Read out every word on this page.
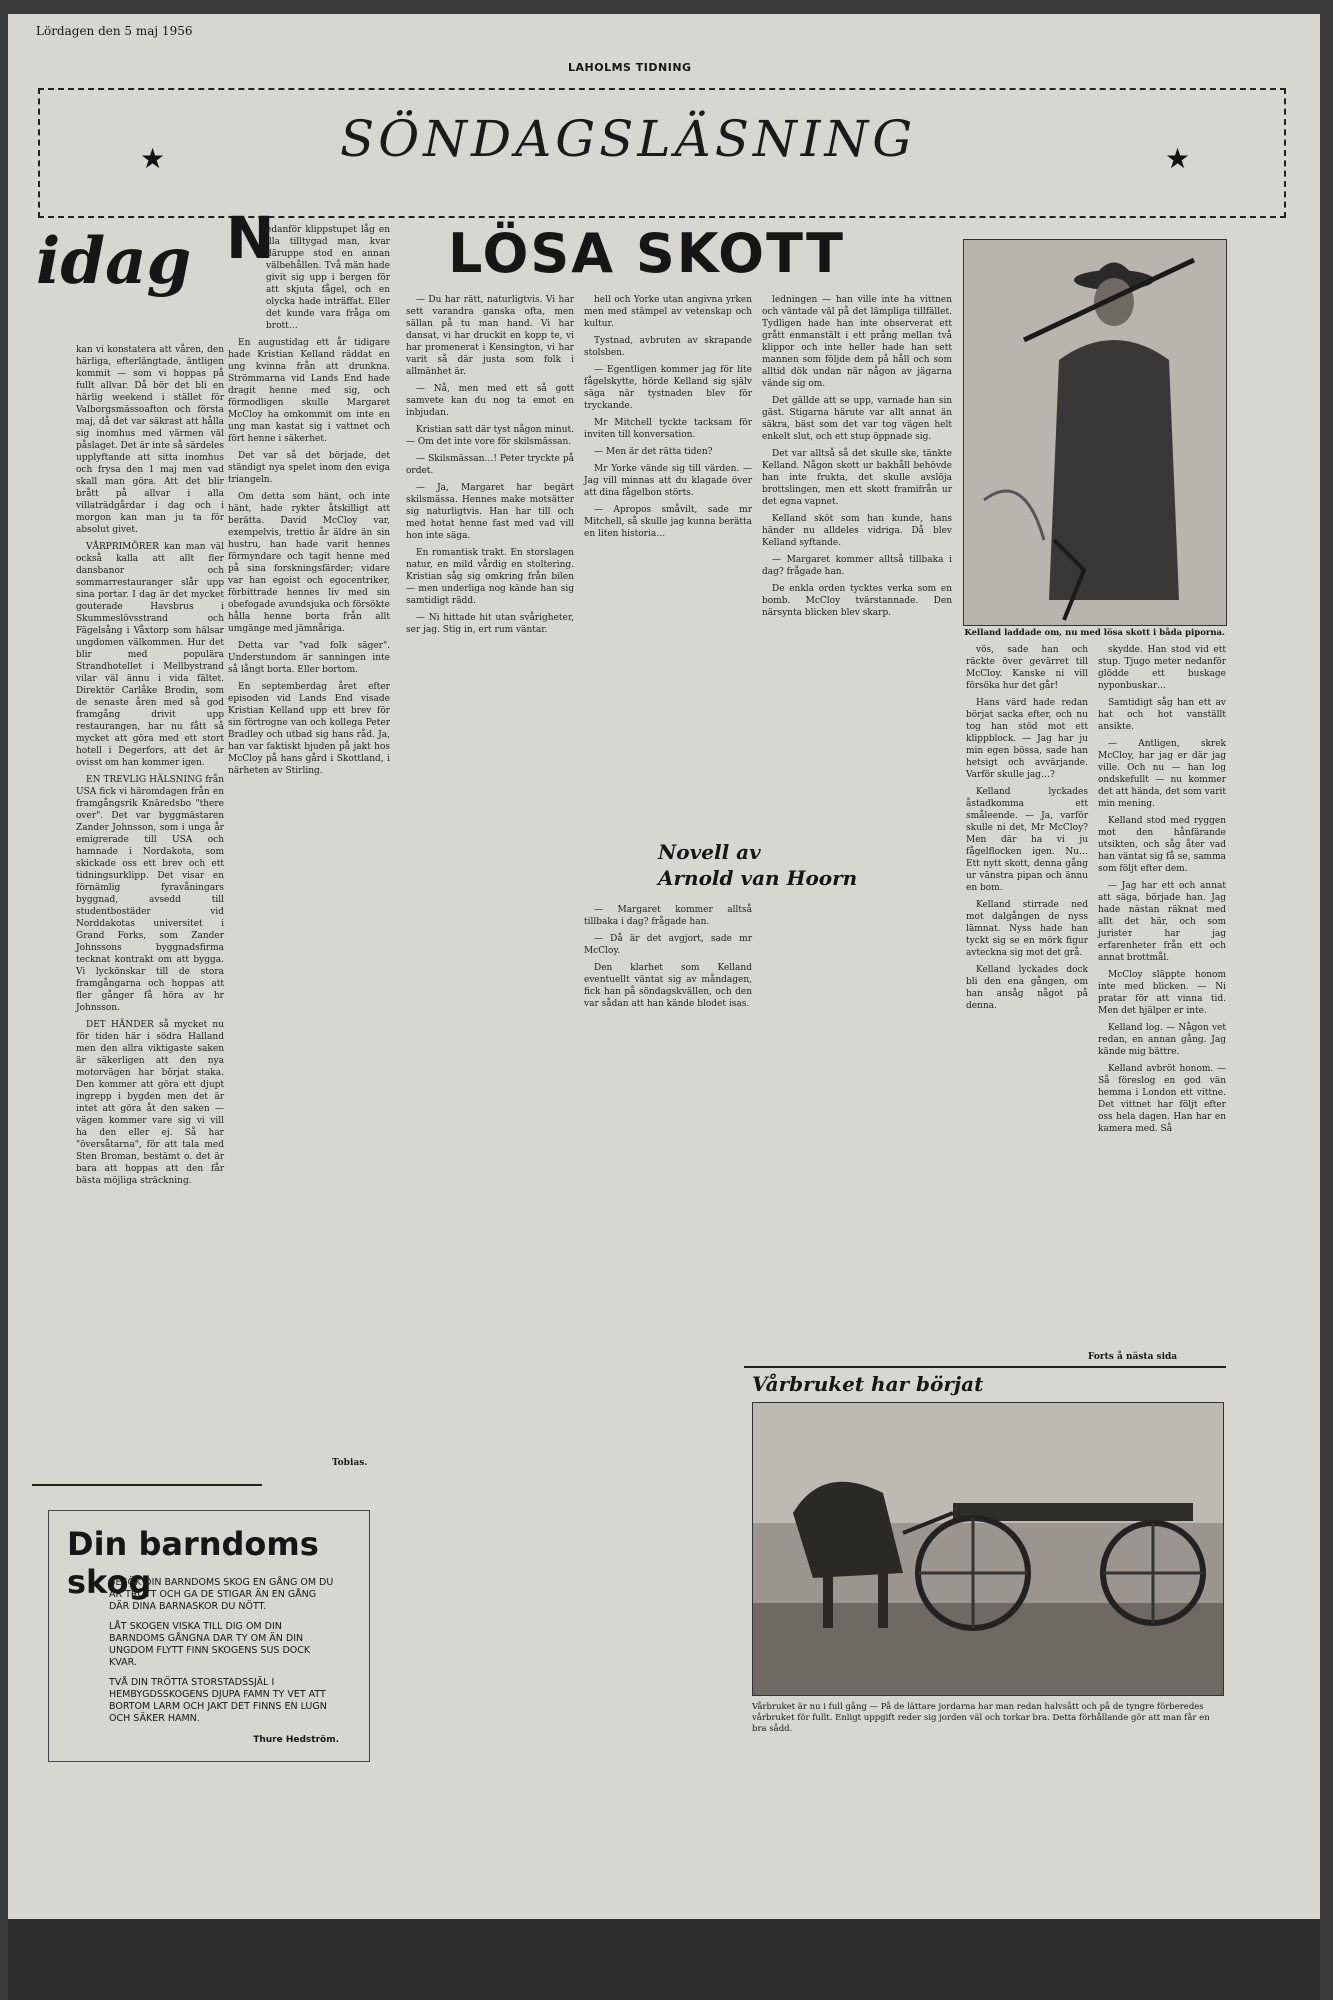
Lördagen den 5 maj 1956
LAHOLMS TIDNING
★	SÖNDAGSLÄSNING	★
idag

kan vi konstatera att våren, den härliga, efterlängtade, äntligen kommit — som vi hoppas på fullt allvar. Då bör det bli en härlig weekend i stället för Valborgsmässoafton och första maj, då det var säkrast att hålla sig inomhus med värmen väl påslaget. Det är inte så särdeles upplyftande att sitta inomhus och frysa den 1 maj men vad skall man göra. Att det blir brått på allvar i alla villaträdgårdar i dag och i morgon kan man ju ta för absolut givet.

VÅRPRIMÖRER kan man väl också kalla att allt fler dansbanor och sommarrestauranger slår upp sina portar. I dag är det mycket gouterade Havsbrus i Skummeslövsstrand och Fägelsång i Våxtorp som hälsar ungdomen välkommen. Hur det blir med populära Strandhotellet i Mellbystrand vilar väl ännu i vida fältet. Direktör Carlåke Brodin, som de senaste åren med så god framgång drivit upp restaurangen, har nu fått så mycket att göra med ett stort hotell i Degerfors, att det är ovisst om han kommer igen.

EN TREVLIG HÄLSNING från USA fick vi häromdagen från en framgångsrik Knäredsbo "there over". Det var byggmästaren Zander Johnsson, som i unga år emigrerade till USA och hamnade i Nordakota, som skickade oss ett brev och ett tidningsurklipp. Det visar en förnämlig fyravåningars byggnad, avsedd till studentbostäder vid Norddakotas universitet i Grand Forks, som Zander Johnssons byggnadsfirma tecknat kontrakt om att bygga. Vi lyckönskar till de stora framgångarna och hoppas att fler gånger få höra av hr Johnsson.

DET HÄNDER så mycket nu för tiden här i södra Halland men den allra viktigaste saken är säkerligen att den nya motorvägen har börjat staka. Den kommer att göra ett djupt ingrepp i bygden men det är intet att göra åt den saken — vägen kommer vare sig vi vill ha den eller ej. Så har "översåtarna", för att tala med Sten Broman, bestämt o. det är bara att hoppas att den får bästa möjliga sträckning.

N	LÖSA SKOTT

edanför klippstupet låg en illa tilltygad man, kvar däruppe stod en annan välbehållen. Två män hade givit sig upp i bergen för att skjuta fågel, och en olycka hade inträffat. Eller det kunde vara fråga om brott…

En augustidag ett år tidigare hade Kristian Kelland räddat en ung kvinna från att drunkna. Strömmarna vid Lands End hade dragit henne med sig, och förmodligen skulle Margaret McCloy ha omkommit om inte en ung man kastat sig i vattnet och fört henne i säkerhet.

Det var så det började, det ständigt nya spelet inom den eviga triangeln.

Om detta som hänt, och inte hänt, hade rykter åtskilligt att berätta. David McCloy var, exempelvis, trettio år äldre än sin hustru, han hade varit hennes förmyndare och tagit henne med på sina forskningsfärder; vidare var han egoist och egocentriker, förbittrade hennes liv med sin obefogade avundsjuka och försökte hålla henne borta från allt umgänge med jämnåriga.

Detta var "vad folk säger". Understundom är sanningen inte så långt borta. Eller bortom.

En septemberdag året efter episoden vid Lands End visade Kristian Kelland upp ett brev för sin förtrogne van och kollega Peter Bradley och utbad sig hans råd. Ja, han var faktiskt bjuden på jakt hos McCloy på hans gård i Skottland, i närheten av Stirling.

Tobias.

— Du har rätt, naturligtvis. Vi har sett varandra ganska ofta, men sällan på tu man hand. Vi har dansat, vi har druckit en kopp te, vi har promenerat i Kensington, vi har varit så där justa som folk i allmänhet är.

— Nå, men med ett så gott samvete kan du nog ta emot en inbjudan.

Kristian satt där tyst någon minut. — Om det inte vore för skilsmässan.

— Skilsmässan…! Peter tryckte på ordet.

— Ja, Margaret har begärt skilsmässa. Hennes make motsätter sig naturligtvis. Han har till och med hotat henne fast med vad vill hon inte säga.

En romantisk trakt. En storslagen natur, en mild vårdig en stoltering. Kristian såg sig omkring från bilen — men underliga nog kände han sig samtidigt rädd.

— Ni hittade hit utan svårigheter, ser jag. Stig in, ert rum väntar.

hell och Yorke utan angivna yrken men med stämpel av vetenskap och kultur.

Tystnad, avbruten av skrapande stolsben.

— Egentligen kommer jag för lite fågelskytte, hörde Kelland sig själv säga när tystnaden blev för tryckande.

Mr Mitchell tyckte tacksam för inviten till konversation.

— Men är det rätta tiden?

Mr Yorke vände sig till värden. — Jag vill minnas att du klagade över att dina fågelbon störts.

— Apropos småvilt, sade mr Mitchell, så skulle jag kunna berätta en liten historia…

Novell av
Arnold van Hoorn

— Margaret kommer alltså tillbaka i dag? frågade han.

— Då är det avgjort, sade mr McCloy.

Den klarhet som Kelland eventuellt väntat sig av måndagen, fick han på söndagskvällen, och den var sådan att han kände blodet isas.

ledningen — han ville inte ha vittnen och väntade väl på det lämpliga tillfället. Tydligen hade han inte observerat ett grått enmanstält i ett prång mellan två klippor och inte heller hade han sett mannen som följde dem på håll och som alltid dök undan när någon av jägarna vände sig om.

Det gällde att se upp, varnade han sin gäst. Stigarna härute var allt annat än säkra, bäst som det var tog vägen helt enkelt slut, och ett stup öppnade sig.

Det var alltså så det skulle ske, tänkte Kelland. Någon skott ur bakhåll behövde han inte frukta, det skulle avslöja brottslingen, men ett skott framifrån ur det egna vapnet.

Kelland sköt som han kunde, hans händer nu alldeles vidriga. Då blev Kelland syftande.

— Margaret kommer alltså tillbaka i dag? frågade han.

De enkla orden tycktes verka som en bomb. McCloy tvärstannade. Den närsynta blicken blev skarp.

Kelland laddade om, nu med lösa skott i båda piporna.

vös, sade han och räckte över gevärret till McCloy. Kanske ni vill försöka hur det går!

Hans värd hade redan börjat sacka efter, och nu tog han stöd mot ett klippblock. — Jag har ju min egen bössa, sade han hetsigt och avvärjande. Varför skulle jag…?

Kelland lyckades åstadkomma ett småleende. — Ja, varför skulle ni det, Mr McCloy? Men där ha vi ju fågelflocken igen. Nu… Ett nytt skott, denna gång ur vänstra pipan och ännu en bom.

Kelland stirrade ned mot dalgången de nyss lämnat. Nyss hade han tyckt sig se en mörk figur avtecknа sig mot det grå.

Kelland lyckades dock bli den ena gången, om han ansåg något på denna.

skydde. Han stod vid ett stup. Tjugo meter nedanför glödde ett buskage nyponbuskar…

Samtidigt såg han ett av hat och hot vanställt ansikte.

— Antligen, skrek McCloy, har jag er där jag ville. Och nu — han log ondskefullt — nu kommer det att hända, det som varit min mening.

Kelland stod med ryggen mot den hånfärande utsikten, och såg åter vad han väntat sig få se, samma som följt efter dem.

— Jag har ett och annat att säga, började han. Jag hade nästan räknat med allt det här, och som juristeт har jag erfarenheter från ett och annat brottmål.

McCloy släppte honom inte med blicken. — Ni pratar för att vinna tid. Men det hjälper er inte.

Kelland log. — Någon vet redan, en annan gång. Jag kände mig bättre.

Kelland avbröt honom. — Så föreslog en god vän hemma i London ett vittne. Det vittnet har följt efter oss hela dagen. Han har en kamera med. Så

Forts å nästa sida
Vårbruket har börjat
Vårbruket är nu i full gång — På de lättare jordarna har man redan halvsått och på de tyngre förberedes vårbruket för fullt. Enligt uppgift reder sig jorden väl och torkar bra. Detta förhållande gör att man får en bra sådd.
Din barndoms skog

BESÖK DIN BARNDOMS SKOG EN GÅNG OM DU ÄR TRÖTT OCH GA DE STIGAR ÄN EN GÅNG DÄR DINA BARNASKOR DU NÖTT.

LÅT SKOGEN VISKA TILL DIG OM DIN BARNDOMS GÅNGNA DAR TY OM ÄN DIN UNGDOM FLYTT FINN SKOGENS SUS DOCK KVAR.

TVÅ DIN TRÖTTA STORSTADSSJÄL I HEMBYGDSSKOGENS DJUPA FAMN TY VET ATT BORTOM LARM OCH JAKT DET FINNS EN LUGN OCH SÄKER HAMN.

Thure Hedström.
